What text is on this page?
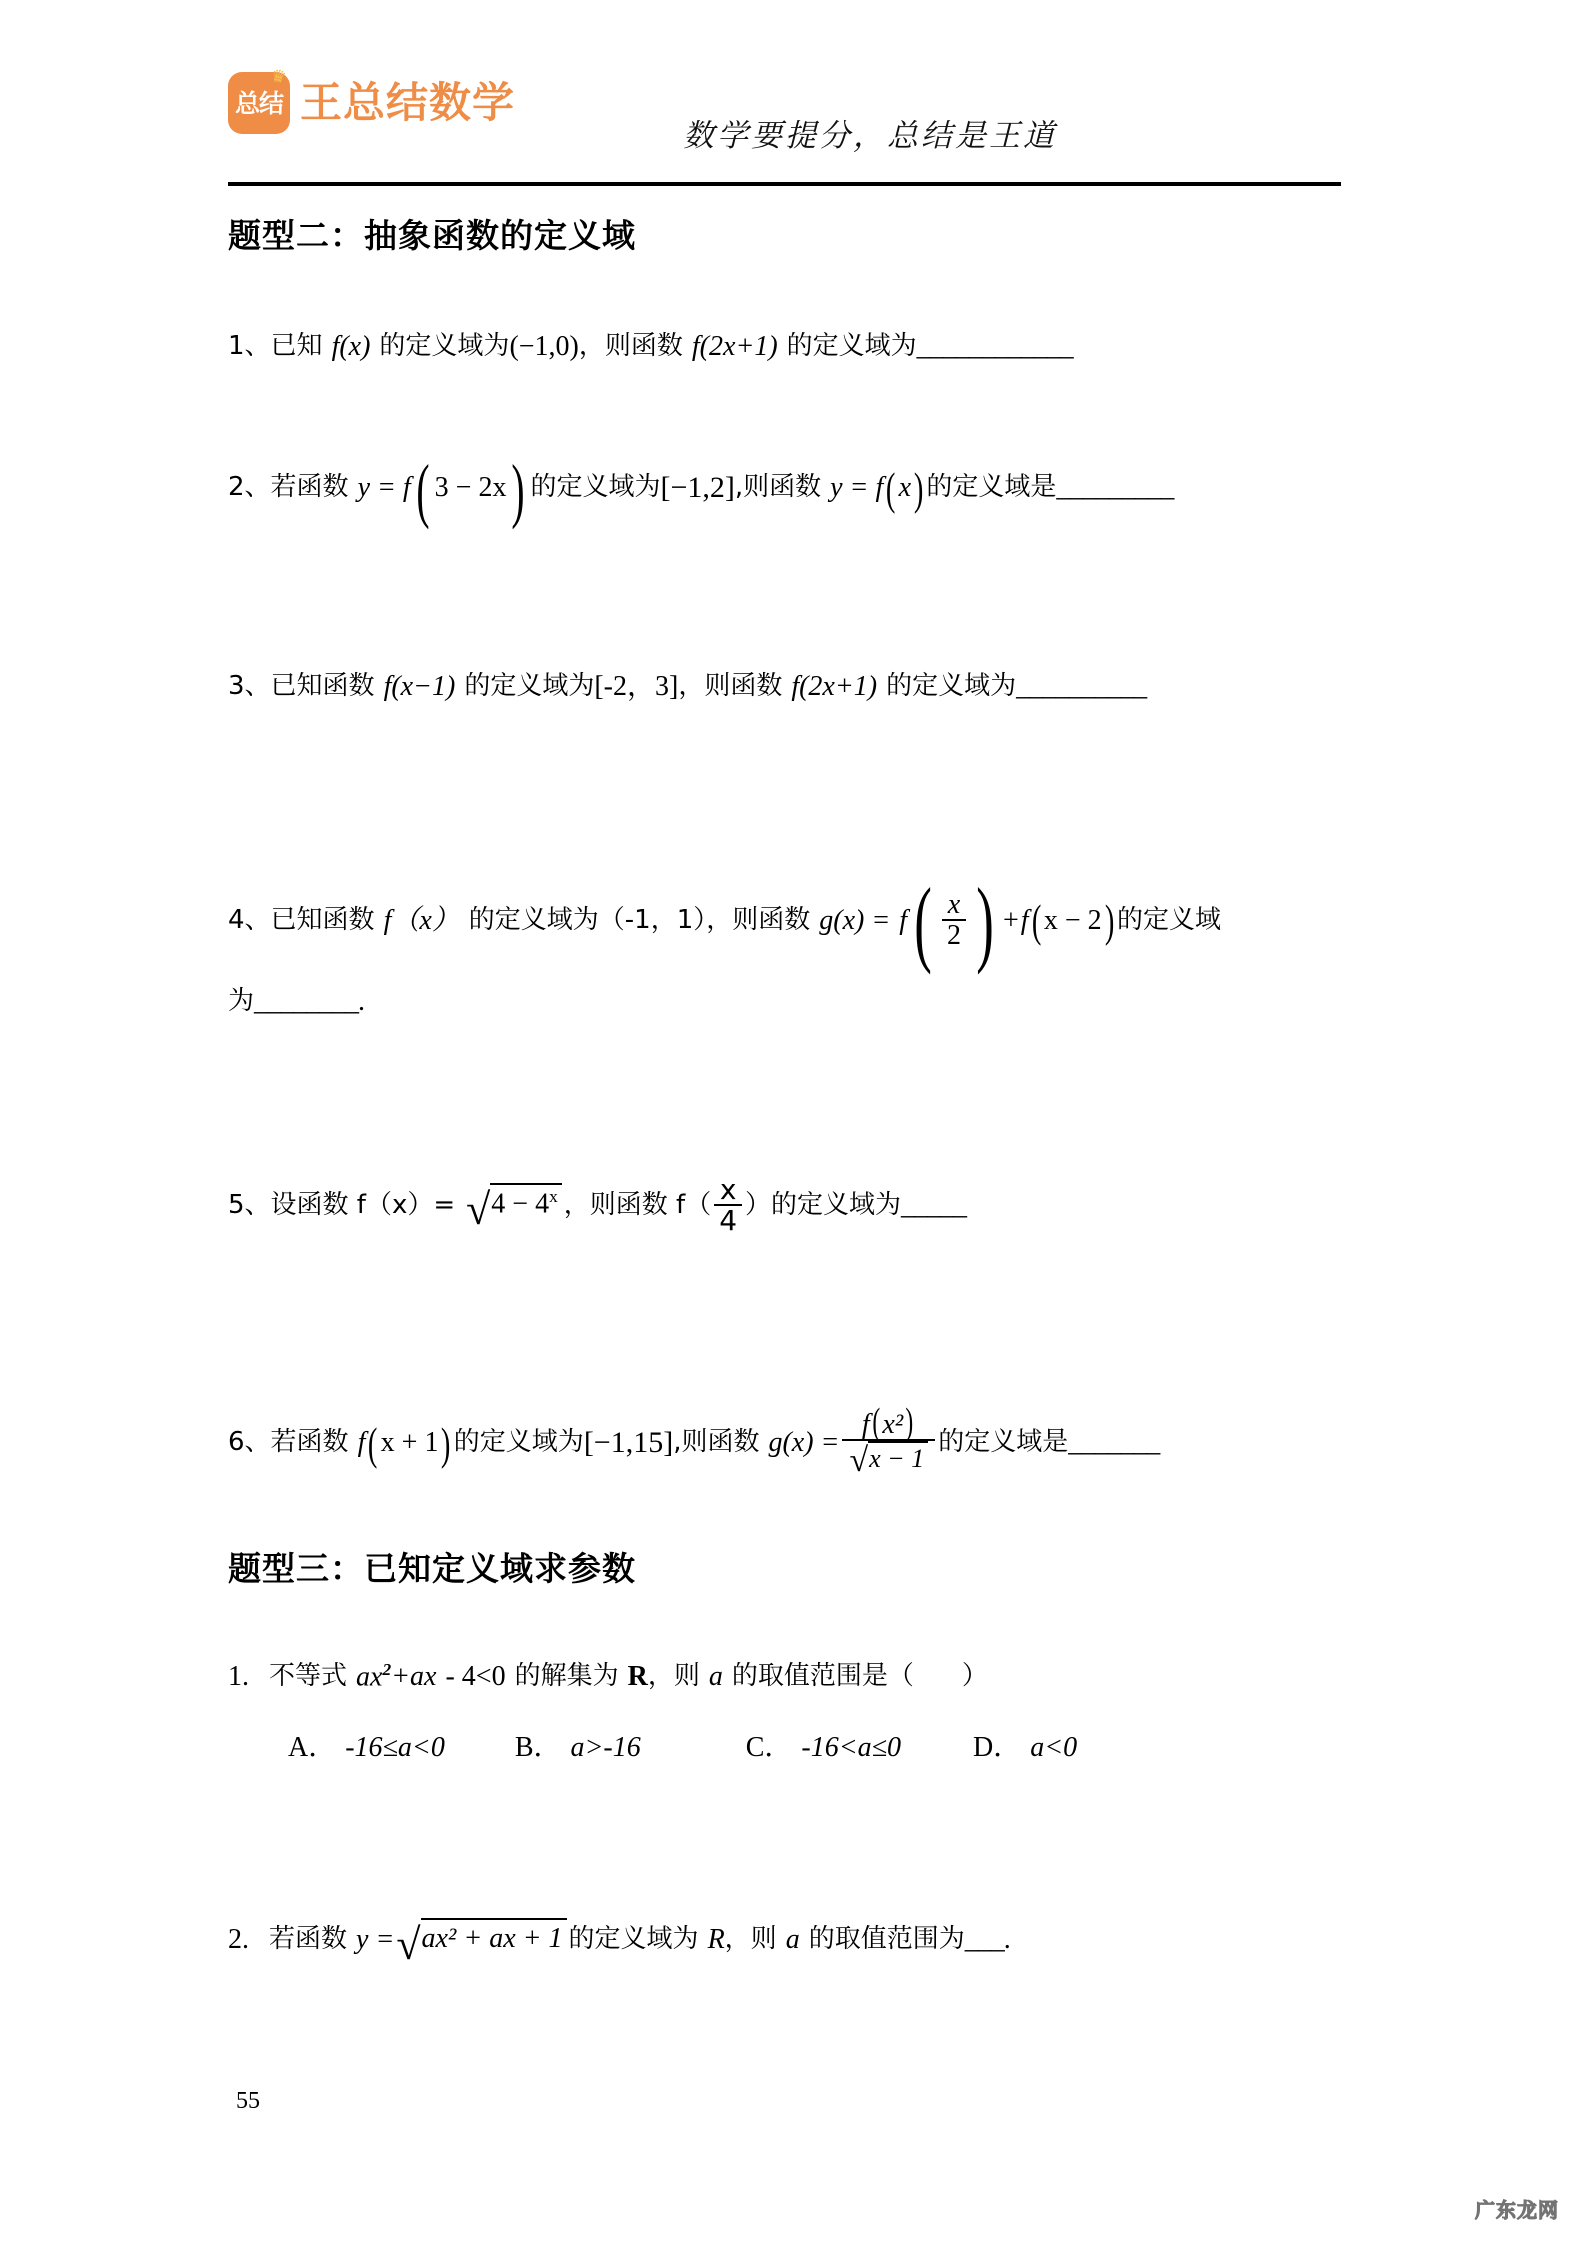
♛
总结 王总结数学
数学要提分，总结是王道
题型二：抽象函数的定义域
1、 已知 f(x) 的定义域为 (−1,0) ，则函数 f(2x+1) 的定义域为 ____________
2、 若函数 y = f ( 3 − 2x ) 的定义域为 [−1,2] ,则函数 y = f ( x ) 的定义域是 _________
3、 已知函数 f(x−1) 的定义域为 [-2，3] ，则函数 f(2x+1) 的定义域为 __________
4、 已知函数 f（x） 的定义域为（-1，1），则函数 g(x) = f ( $\frac{x}{2}$ ) + f ( x − 2 ) 的定义域
为 ________ .
5、 设函数 f（x）= √ $4 - 4^x$ ，则函数 $f( \frac{x}{4}$ ）的定义域为 _____
6、 若函数 f ( x + 1 ) 的定义域为 [−1,15] ,则函数 $g(x) = \frac{\text{f(x²)}}{√ x - 1}$ 的定义域是 _______
题型三：已知定义域求参数
1. 不等式 $ax^2 +ax - 4<0$ 的解集为 R ，则 a 的取值范围是（ ）
A． -16≤a<0	B． a>-16	C． -16<a≤0	D． a<0
2. 若函数 y = √ ax² + ax + 1 的定义域为 R ，则 a 的取值范围为 ___ .
55
广东龙网
